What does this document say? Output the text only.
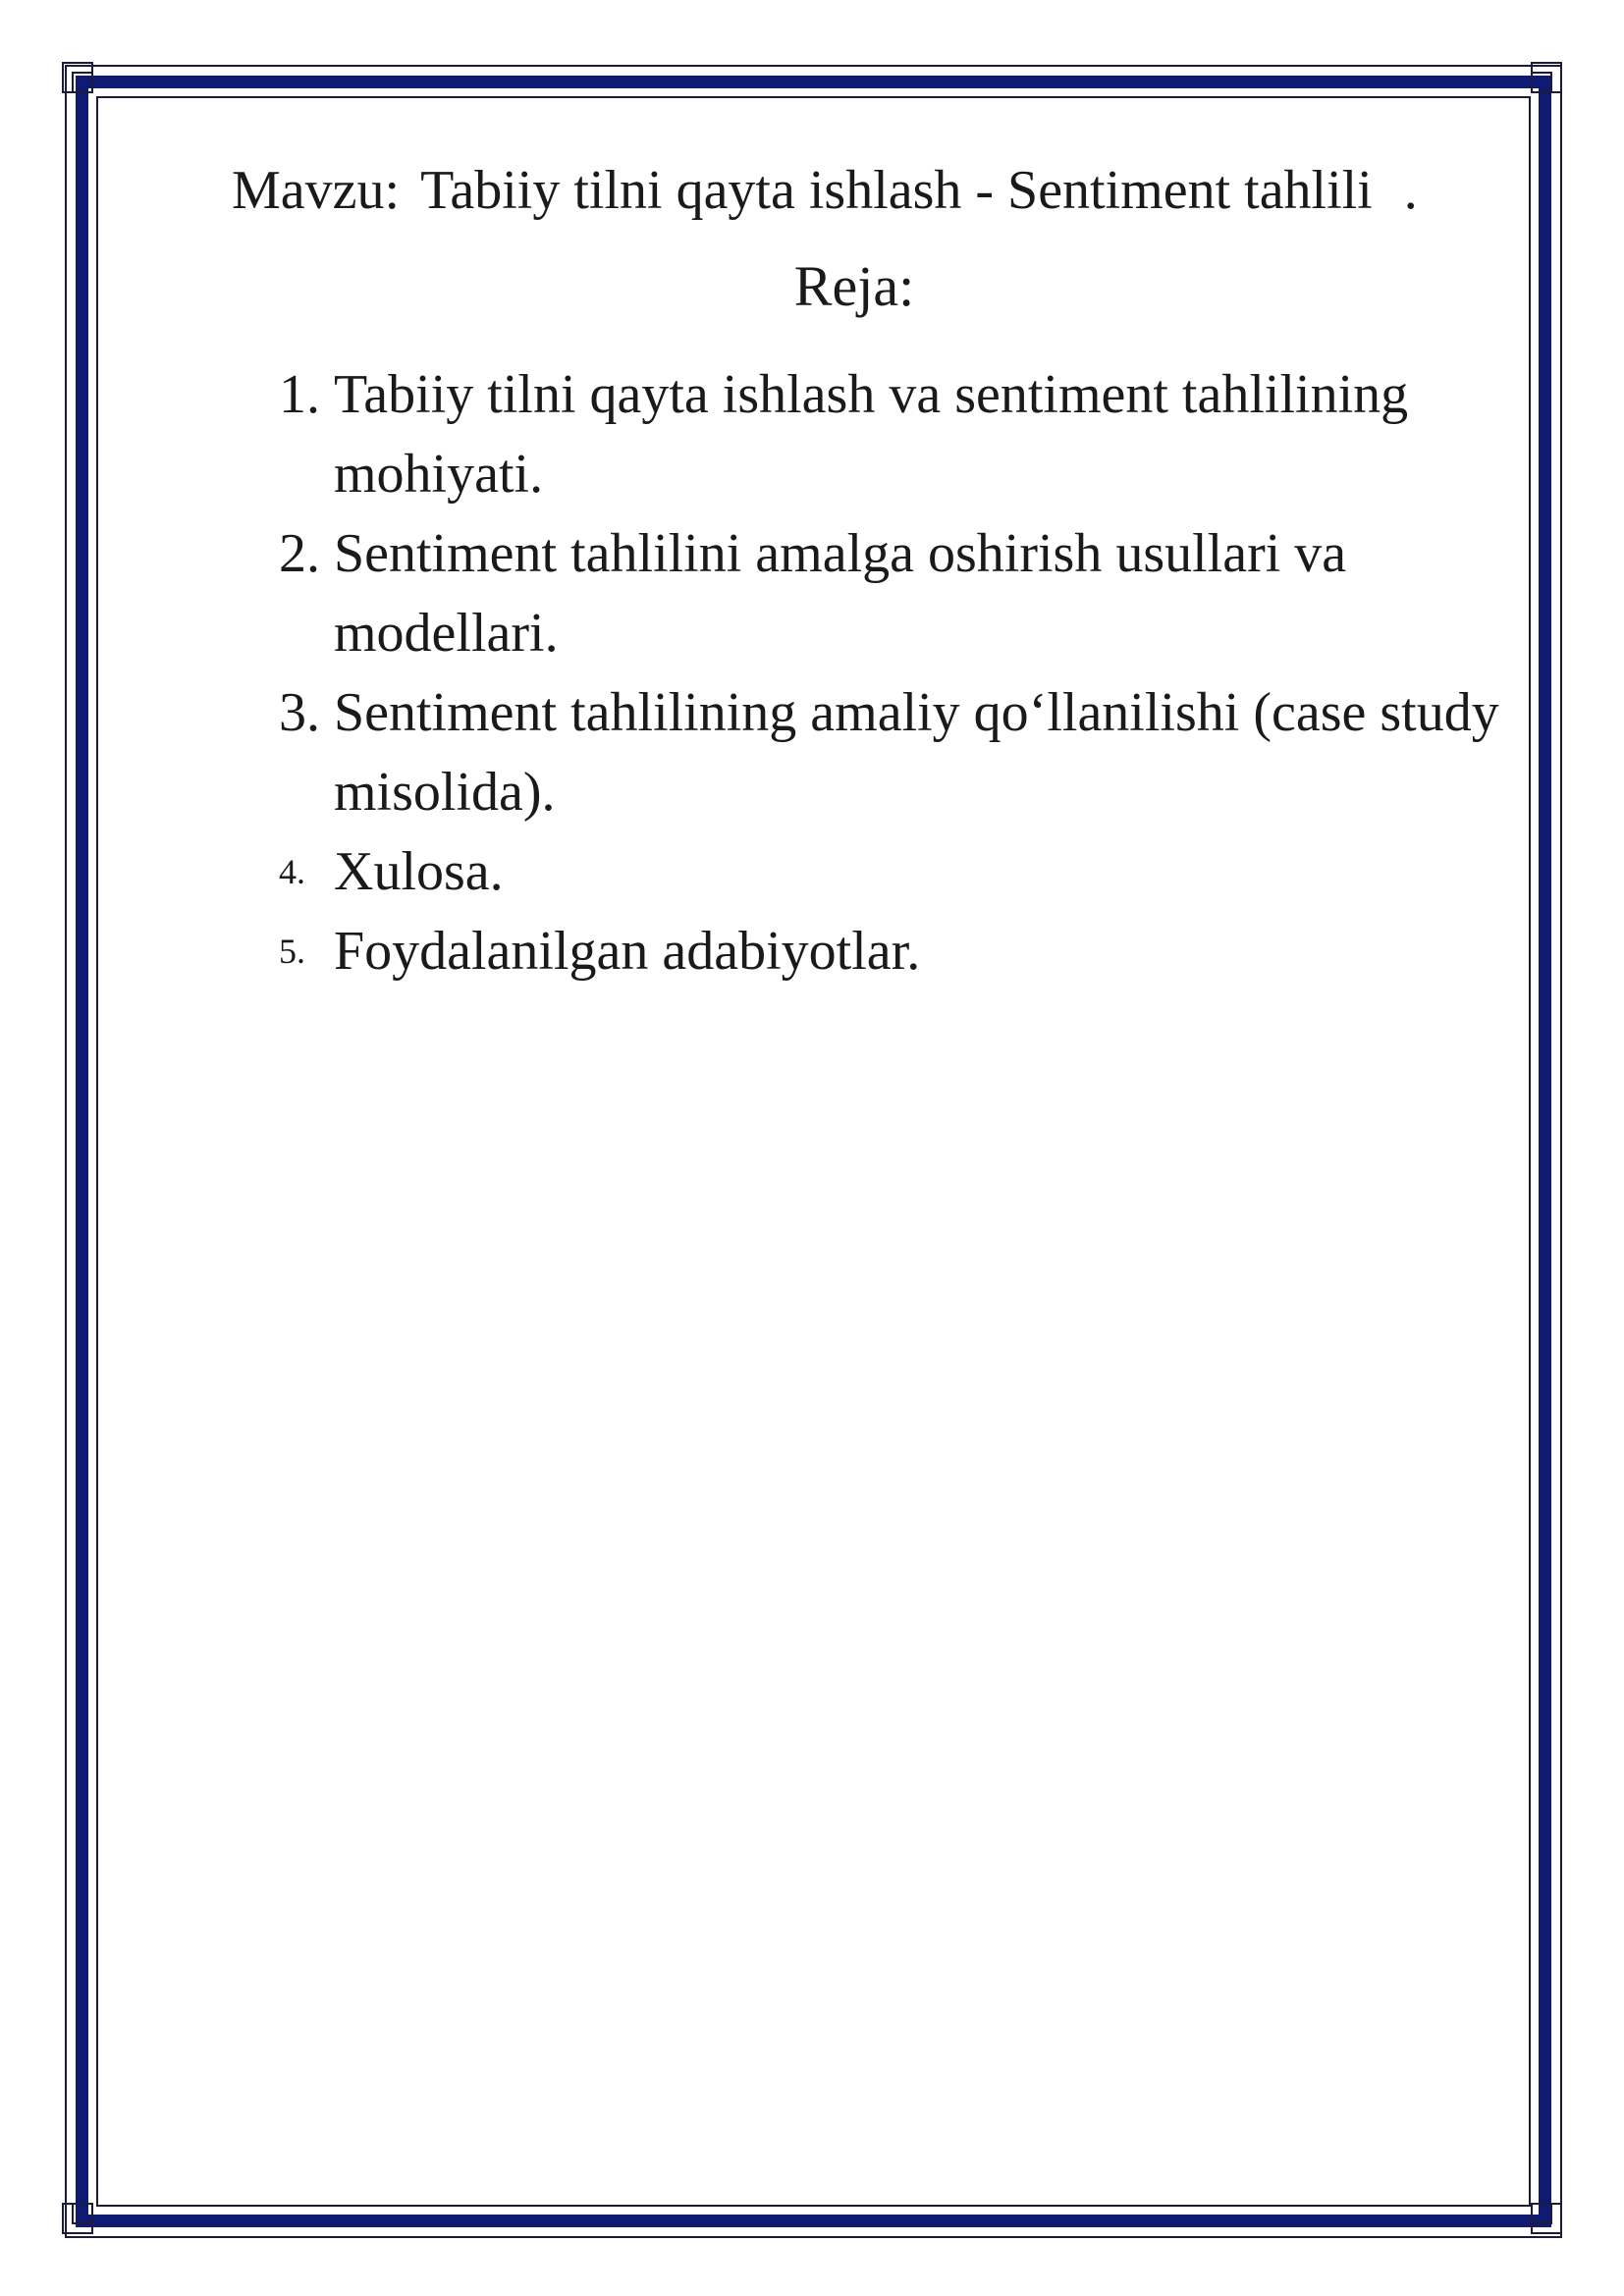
Mavzu: Tabiiy tilni qayta ishlash - Sentiment tahlili .
Reja:
1. Tabiiy tilni qayta ishlash va sentiment tahlilining mohiyati.
2. Sentiment tahlilini amalga oshirish usullari va modellari.
3. Sentiment tahlilining amaliy qo‘llanilishi (case study misolida).
4. Xulosa.
5. Foydalanilgan adabiyotlar.
